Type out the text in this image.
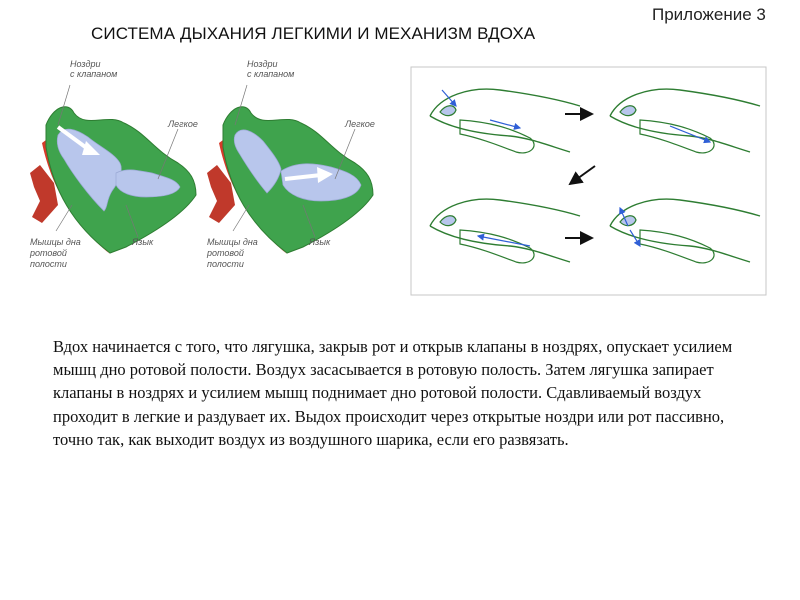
СИСТЕМА ДЫХАНИЯ ЛЕГКИМИ И МЕХАНИЗМ ВДОХА
Приложение 3
Ноздри с клапаном
Легкое
Язык
Мышцы дна ротовой полости
Ноздри с клапаном
Легкое
Язык
Мышцы дна ротовой полости
Вдох начинается с того, что лягушка, закрыв рот и открыв клапаны в ноздрях, опускает усилием мышц дно ротовой полости. Воздух засасывается в ротовую полость. Затем лягушка запирает клапаны в ноздрях и усилием мышц поднимает дно ротовой полости. Сдавливаемый воздух проходит в легкие и раздувает их. Выдох происходит через открытые ноздри или рот пассивно, точно так, как выходит воздух из воздушного шарика, если его развязать.
